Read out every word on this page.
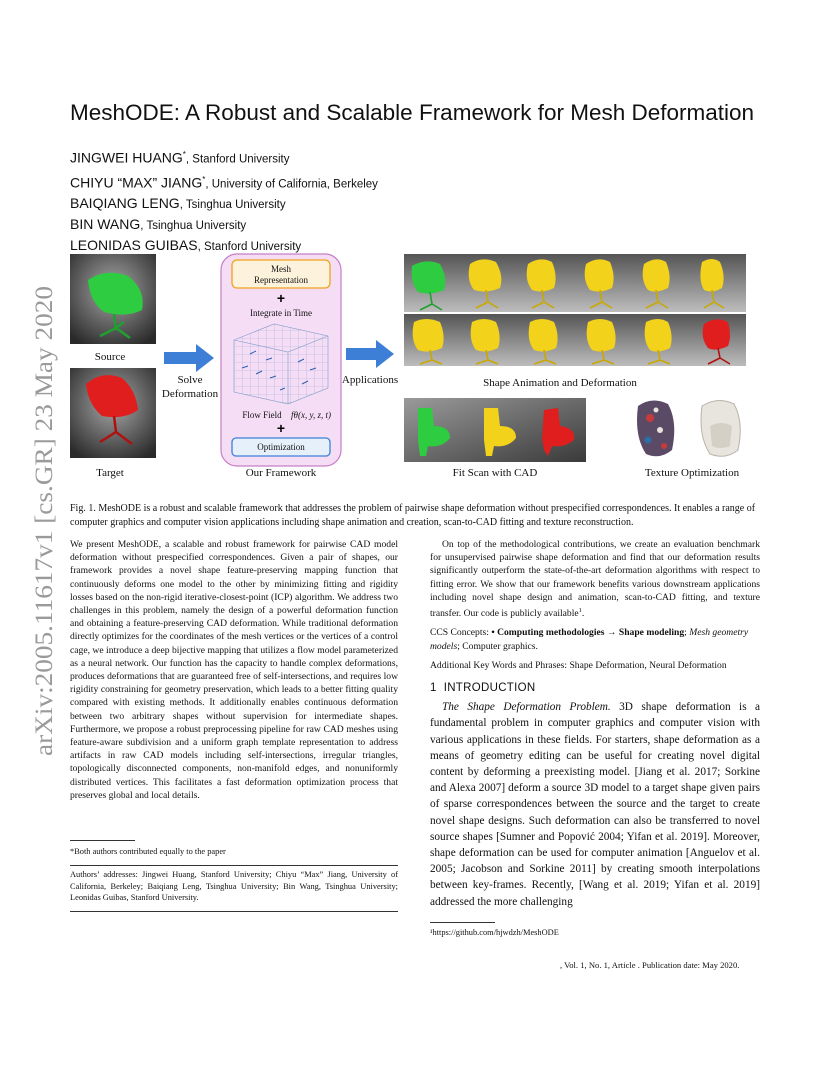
arXiv:2005.11617v1 [cs.GR] 23 May 2020
MeshODE: A Robust and Scalable Framework for Mesh Deformation
JINGWEI HUANG*, Stanford University
CHIYU “MAX” JIANG*, University of California, Berkeley
BAIQIANG LENG, Tsinghua University
BIN WANG, Tsinghua University
LEONIDAS GUIBAS, Stanford University
Source
Target
Solve
Deformation
Mesh
Representation
+
Integrate in Time
Flow Field fθ(x, y, z, t)
+
Optimization
Our Framework
Applications	Shape Animation and Deformation
Fit Scan with CAD	Texture Optimization
Fig. 1. MeshODE is a robust and scalable framework that addresses the problem of pairwise shape deformation without prespecified correspondences. It enables a range of computer graphics and computer vision applications including shape animation and creation, scan-to-CAD fitting and texture reconstruction.

We present MeshODE, a scalable and robust framework for pairwise CAD model deformation without prespecified correspondences. Given a pair of shapes, our framework provides a novel shape feature-preserving mapping function that continuously deforms one model to the other by minimizing fitting and rigidity losses based on the non-rigid iterative-closest-point (ICP) algorithm. We address two challenges in this problem, namely the design of a powerful deformation function and obtaining a feature-preserving CAD deformation. While traditional deformation directly optimizes for the coordinates of the mesh vertices or the vertices of a control cage, we introduce a deep bijective mapping that utilizes a flow model parameterized as a neural network. Our function has the capacity to handle complex deformations, produces deformations that are guaranteed free of self-intersections, and requires low rigidity constraining for geometry preservation, which leads to a better fitting quality compared with existing methods. It additionally enables continuous deformation between two arbitrary shapes without supervision for intermediate shapes. Furthermore, we propose a robust preprocessing pipeline for raw CAD meshes using feature-aware subdivision and a uniform graph template representation to address artifacts in raw CAD models including self-intersections, irregular triangles, topologically disconnected components, non-manifold edges, and nonuniformly distributed vertices. This facilitates a fast deformation optimization process that preserves global and local details.

*Both authors contributed equally to the paper
Authors’ addresses: Jingwei Huang, Stanford University; Chiyu “Max” Jiang, University of California, Berkeley; Baiqiang Leng, Tsinghua University; Bin Wang, Tsinghua University; Leonidas Guibas, Stanford University.

On top of the methodological contributions, we create an evaluation benchmark for unsupervised pairwise shape deformation and find that our deformation results significantly outperform the state-of-the-art deformation algorithms with respect to fitting error. We show that our framework benefits various downstream applications including novel shape design and animation, scan-to-CAD fitting, and texture transfer. Our code is publicly available$^1$.

CCS Concepts: • Computing methodologies → Shape modeling; Mesh geometry models; Computer graphics.

Additional Key Words and Phrases: Shape Deformation, Neural Deformation

1 INTRODUCTION

The Shape Deformation Problem. 3D shape deformation is a fundamental problem in computer graphics and computer vision with various applications in these fields. For starters, shape deformation as a means of geometry editing can be useful for creating novel digital content by deforming a preexisting model. [Jiang et al. 2017; Sorkine and Alexa 2007] deform a source 3D model to a target shape given pairs of sparse correspondences between the source and the target to create novel shape designs. Such deformation can also be transferred to novel source shapes [Sumner and Popović 2004; Yifan et al. 2019]. Moreover, shape deformation can be used for computer animation [Anguelov et al. 2005; Jacobson and Sorkine 2011] by creating smooth interpolations between key-frames. Recently, [Wang et al. 2019; Yifan et al. 2019] addressed the more challenging

¹https://github.com/hjwdzh/MeshODE
, Vol. 1, No. 1, Article . Publication date: May 2020.
